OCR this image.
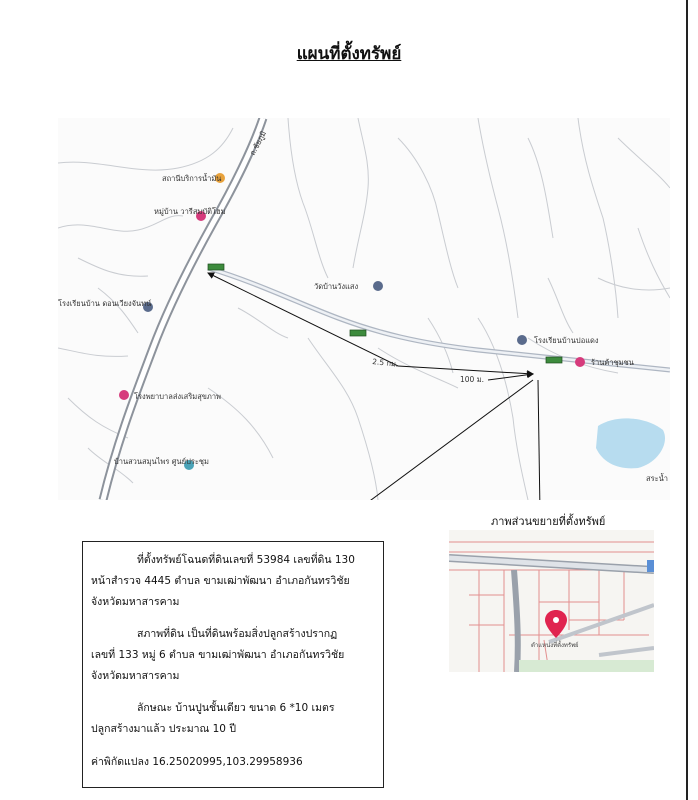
แผนที่ตั้งทรัพย์
ถ.ชัยภูมิ
สระน้ำ
2.5 กม.
100 ม.
สถานีบริการน้ำมัน
หมู่บ้าน วารีสมบัติโฮม
วัดบ้านวังแสง
โรงเรียนบ้าน ดอนเวียงจันทน์
โรงเรียนบ้านปอแดง
ร้านค้าชุมชน
โรงพยาบาลส่งเสริมสุขภาพ
บ้านสวนสมุนไพร ศูนย์ประชุม
ภาพส่วนขยายที่ตั้งทรัพย์
ตำแหน่งที่ตั้งทรัพย์
ที่ตั้งทรัพย์โฉนดที่ดินเลขที่ 53984 เลขที่ดิน 130
หน้าสำรวจ 4445 ตำบล ขามเฒ่าพัฒนา อำเภอกันทรวิชัย
จังหวัดมหาสารคาม
สภาพที่ดิน เป็นที่ดินพร้อมสิ่งปลูกสร้างปรากฏ
เลขที่ 133 หมู่ 6 ตำบล ขามเฒ่าพัฒนา อำเภอกันทรวิชัย
จังหวัดมหาสารคาม
ลักษณะ บ้านปูนชั้นเดียว ขนาด 6 *10 เมตร
ปลูกสร้างมาแล้ว ประมาณ 10 ปี
ค่าพิกัดแปลง 16.25020995,103.29958936
